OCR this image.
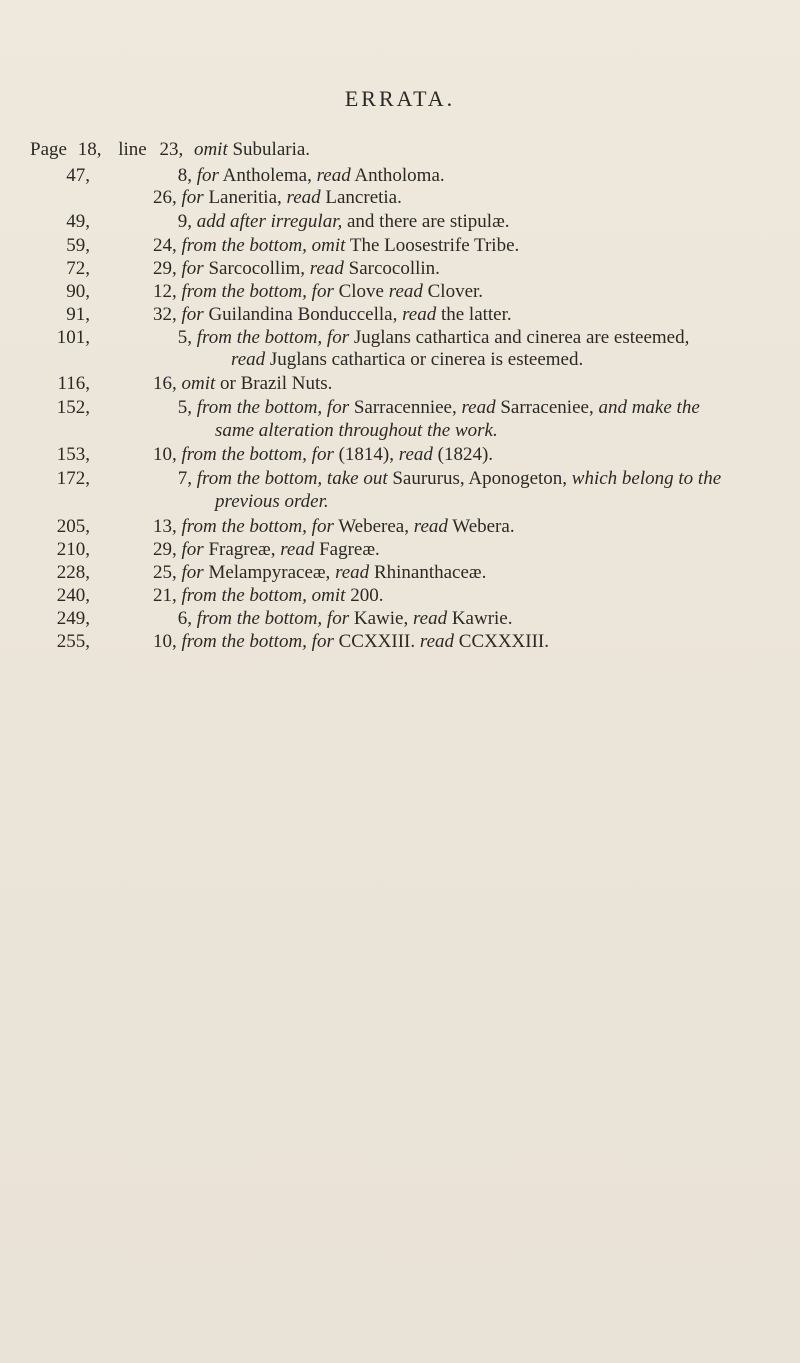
ERRATA.
Page 18, line 23, omit Subularia.
47,	8, for Antholema, read Antholoma.
26, for Laneritia, read Lancretia.
49,	9, add after irregular, and there are stipulæ.
59,	24, from the bottom, omit The Loosestrife Tribe.
72,	29, for Sarcocollim, read Sarcocollin.
90,	12, from the bottom, for Clove read Clover.
91,	32, for Guilandina Bonduccella, read the latter.
101,	5, from the bottom, for Juglans cathartica and cinerea are esteemed,
read Juglans cathartica or cinerea is esteemed.
116,	16, omit or Brazil Nuts.
152,	5, from the bottom, for Sarracenniee, read Sarraceniee, and make the
same alteration throughout the work.
153,	10, from the bottom, for (1814), read (1824).
172,	7, from the bottom, take out Saururus, Aponogeton, which belong to the
previous order.
205,	13, from the bottom, for Weberea, read Webera.
210,	29, for Fragreæ, read Fagreæ.
228,	25, for Melampyraceæ, read Rhinanthaceæ.
240,	21, from the bottom, omit 200.
249,	6, from the bottom, for Kawie, read Kawrie.
255,	10, from the bottom, for CCXXIII. read CCXXXIII.
